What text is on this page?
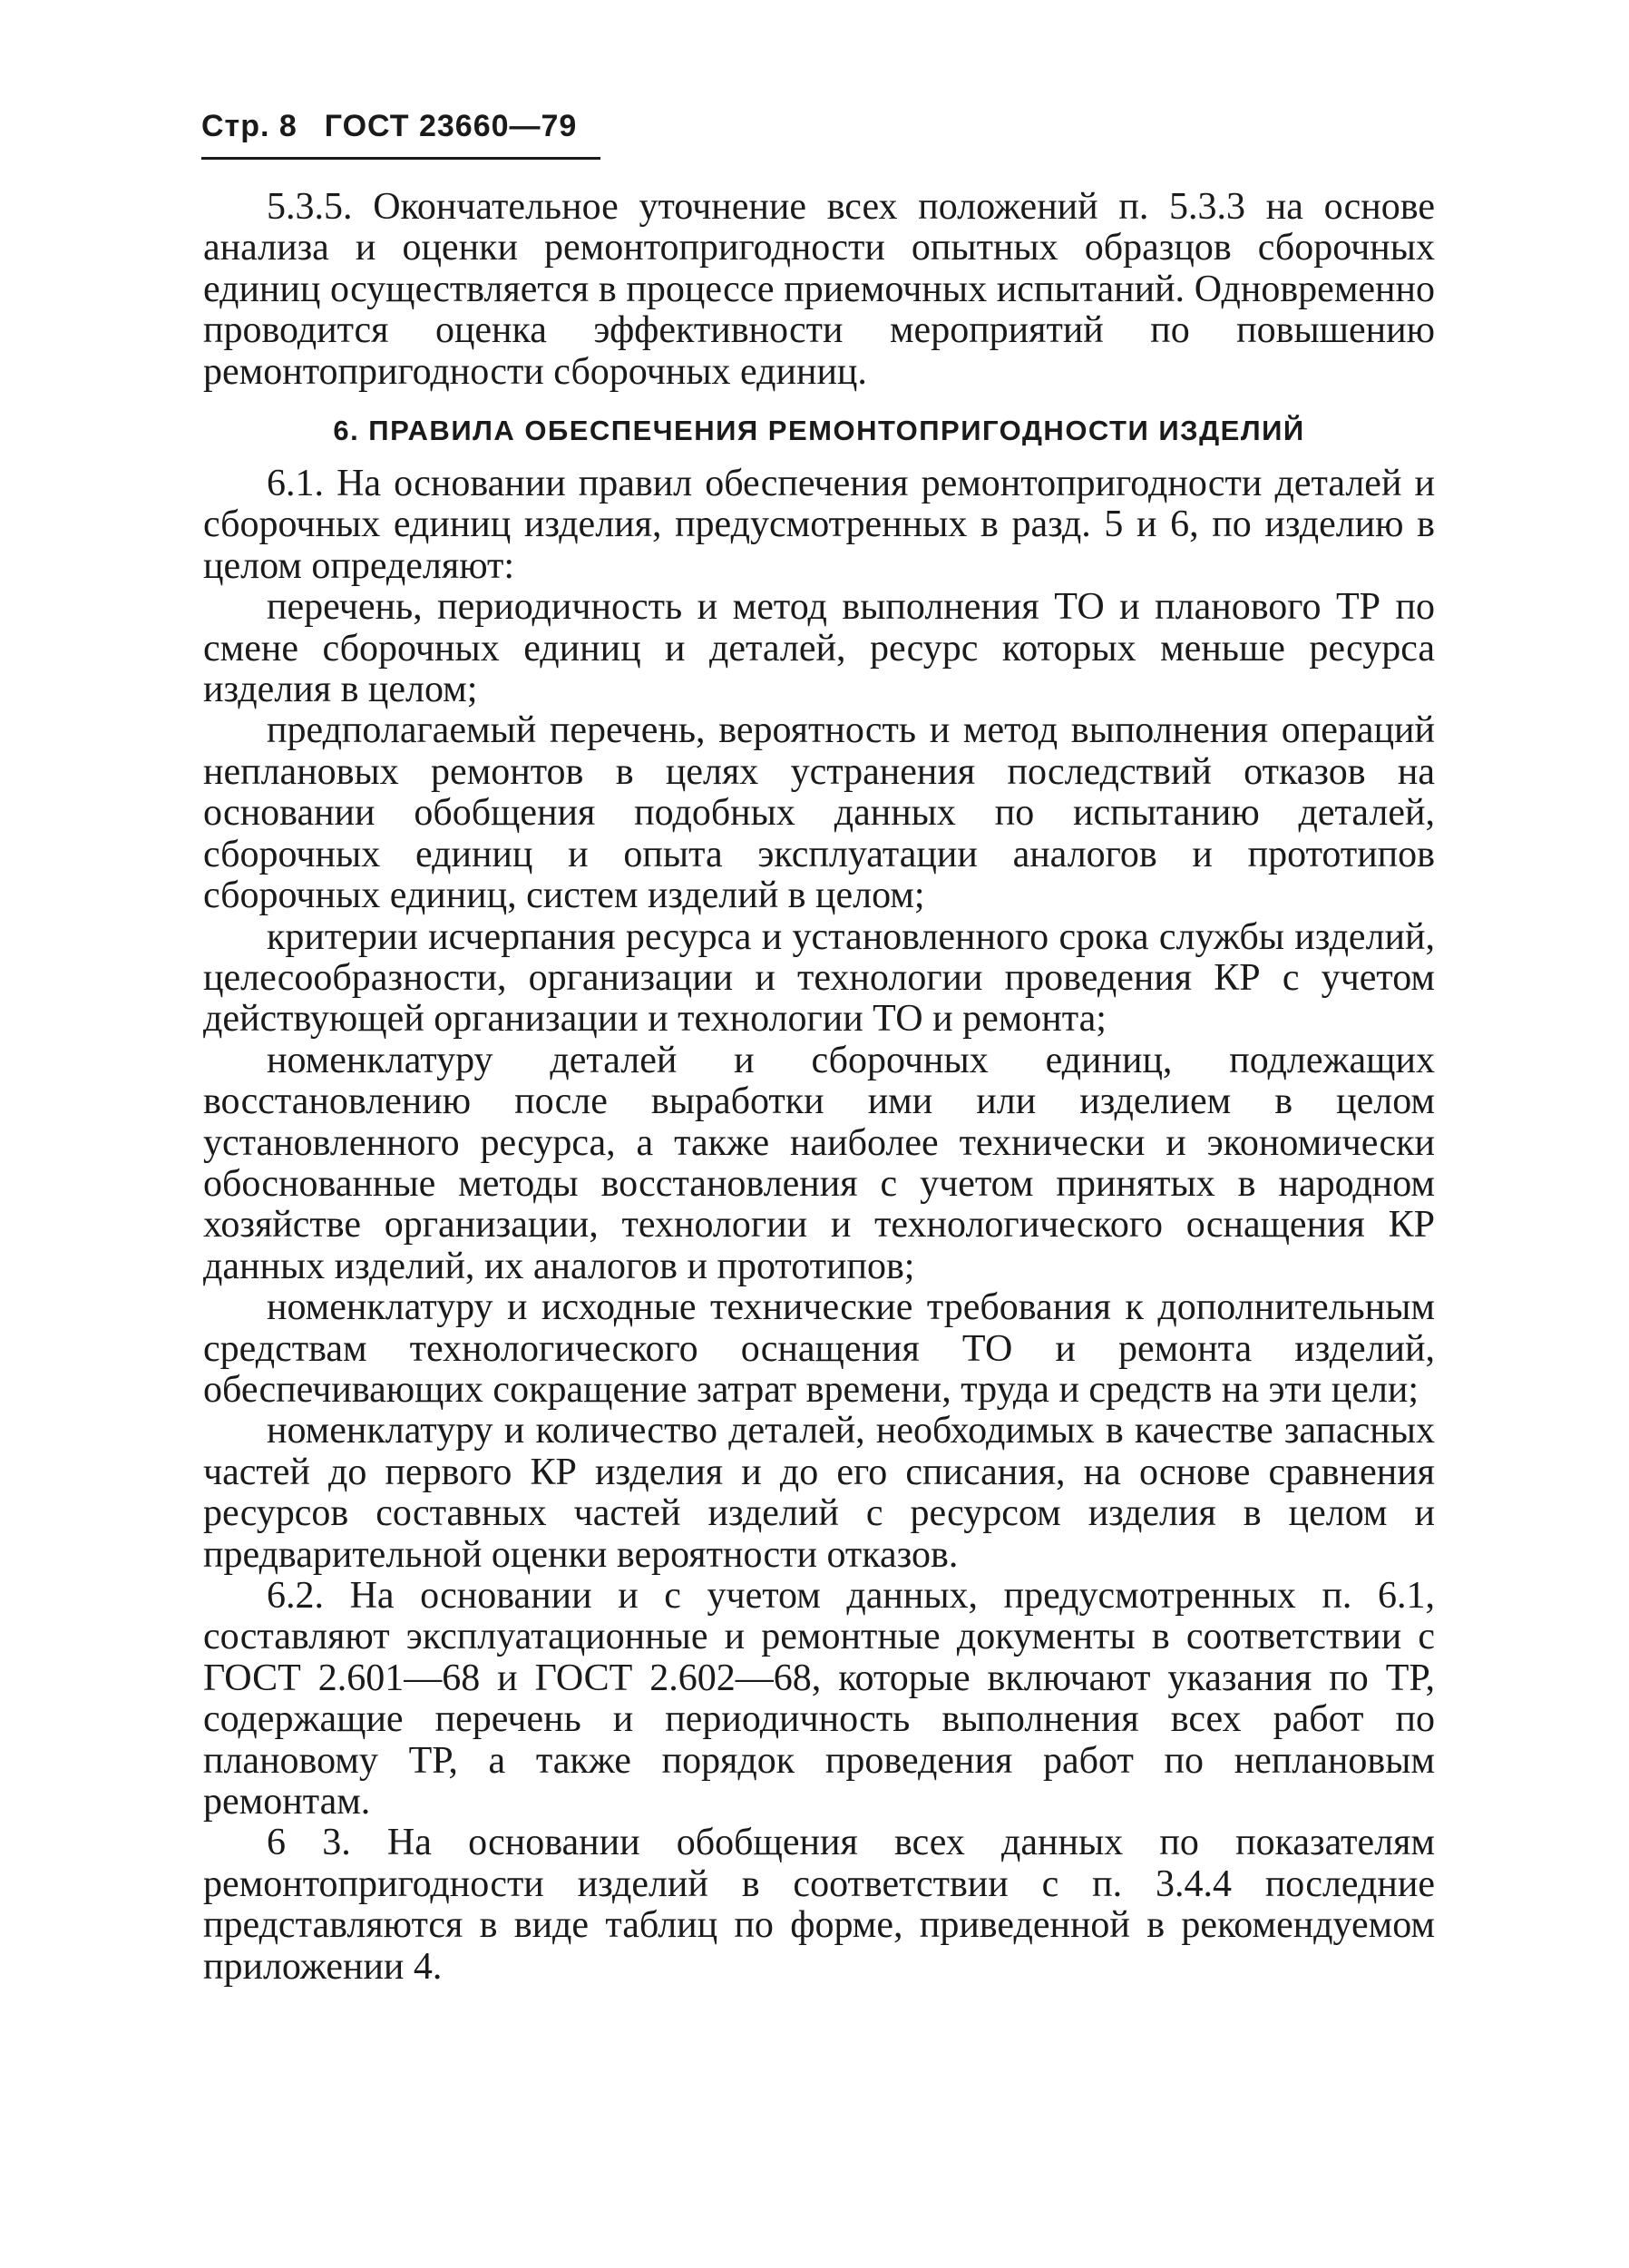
Стр. 8 ГОСТ 23660—79

5.3.5. Окончательное уточнение всех положений п. 5.3.3 на основе анализа и оценки ремонтопригодности опытных образцов сборочных единиц осуществляется в процессе приемочных испытаний. Одновременно проводится оценка эффективности мероприятий по повышению ремонтопригодности сборочных единиц.

6. ПРАВИЛА ОБЕСПЕЧЕНИЯ РЕМОНТОПРИГОДНОСТИ ИЗДЕЛИЙ

6.1. На основании правил обеспечения ремонтопригодности деталей и сборочных единиц изделия, предусмотренных в разд. 5 и 6, по изделию в целом определяют:

перечень, периодичность и метод выполнения ТО и планового ТР по смене сборочных единиц и деталей, ресурс которых меньше ресурса изделия в целом;

предполагаемый перечень, вероятность и метод выполнения операций неплановых ремонтов в целях устранения последствий отказов на основании обобщения подобных данных по испытанию деталей, сборочных единиц и опыта эксплуатации аналогов и прототипов сборочных единиц, систем изделий в целом;

критерии исчерпания ресурса и установленного срока службы изделий, целесообразности, организации и технологии проведения КР с учетом действующей организации и технологии ТО и ремонта;

номенклатуру деталей и сборочных единиц, подлежащих восстановлению после выработки ими или изделием в целом установленного ресурса, а также наиболее технически и экономически обоснованные методы восстановления с учетом принятых в народном хозяйстве организации, технологии и технологического оснащения КР данных изделий, их аналогов и прототипов;

номенклатуру и исходные технические требования к дополнительным средствам технологического оснащения ТО и ремонта изделий, обеспечивающих сокращение затрат времени, труда и средств на эти цели;

номенклатуру и количество деталей, необходимых в качестве запасных частей до первого КР изделия и до его списания, на основе сравнения ресурсов составных частей изделий с ресурсом изделия в целом и предварительной оценки вероятности отказов.

6.2. На основании и с учетом данных, предусмотренных п. 6.1, составляют эксплуатационные и ремонтные документы в соответствии с ГОСТ 2.601—68 и ГОСТ 2.602—68, которые включают указания по ТР, содержащие перечень и периодичность выполнения всех работ по плановому ТР, а также порядок проведения работ по неплановым ремонтам.

6 3. На основании обобщения всех данных по показателям ремонтопригодности изделий в соответствии с п. 3.4.4 последние представляются в виде таблиц по форме, приведенной в рекомендуемом приложении 4.
